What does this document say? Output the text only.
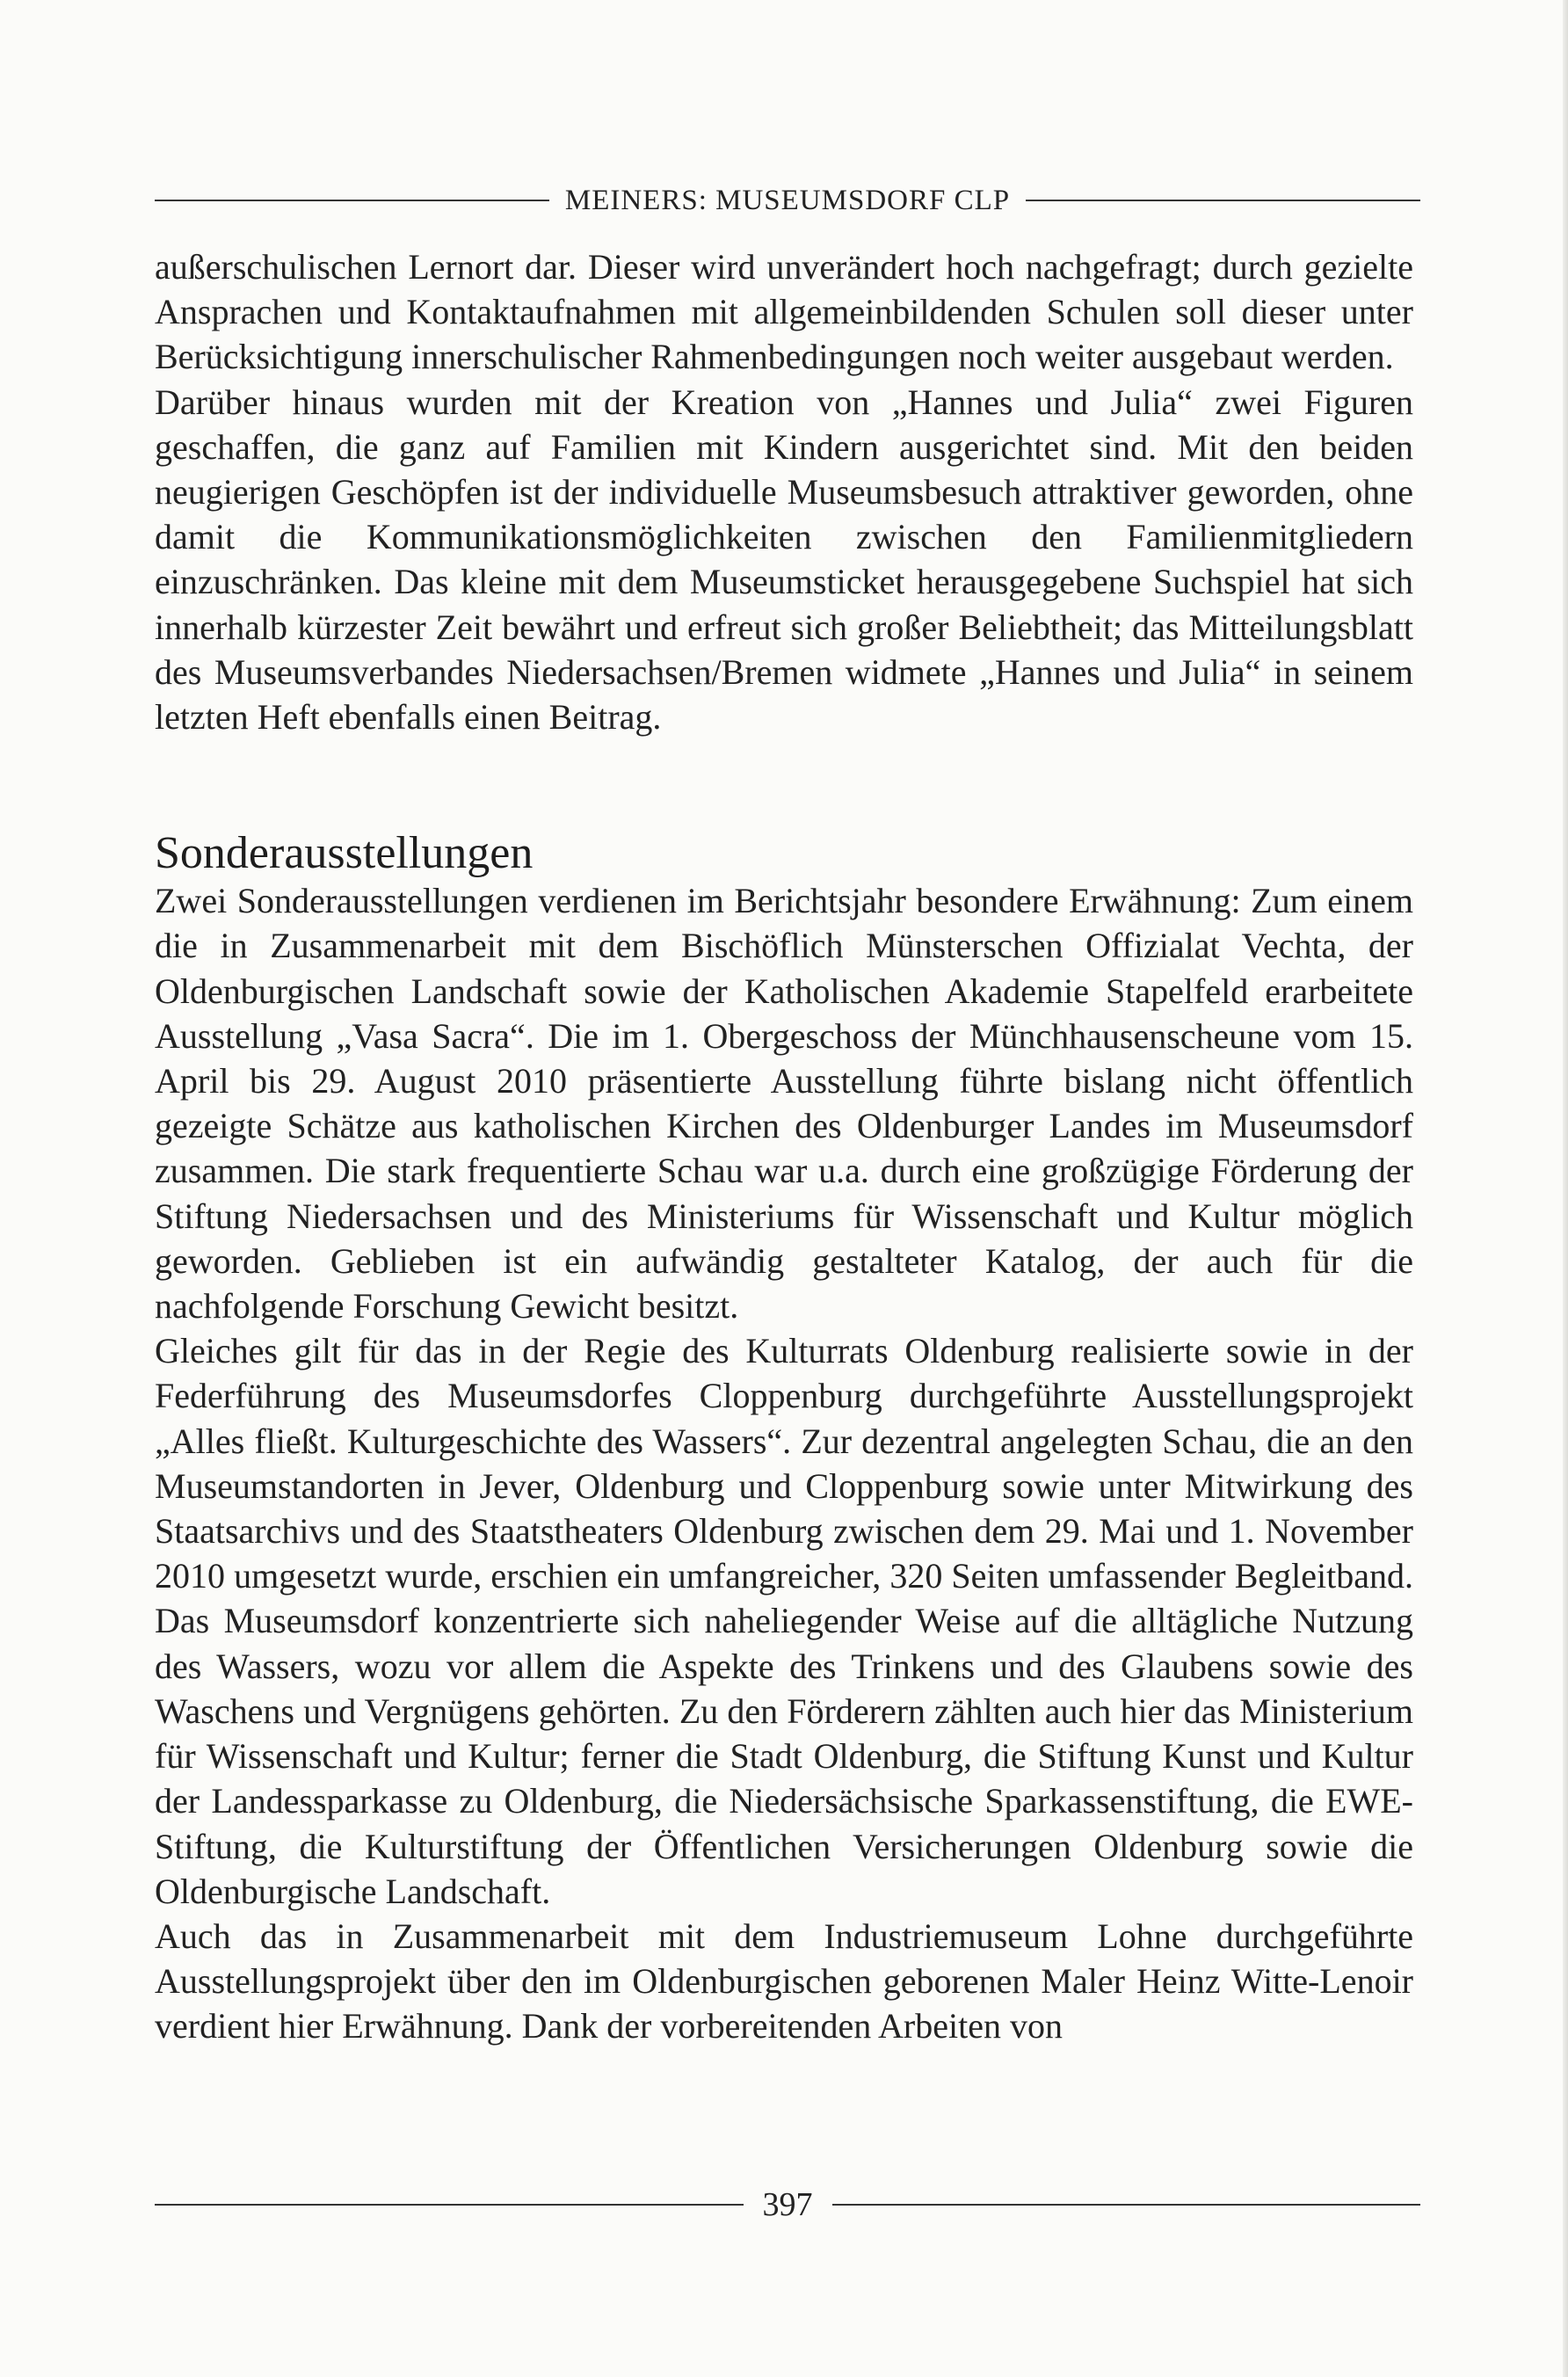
MEINERS: MUSEUMSDORF CLP

außerschulischen Lernort dar. Dieser wird unverändert hoch nachgefragt; durch gezielte Ansprachen und Kontaktaufnahmen mit allgemeinbildenden Schulen soll dieser unter Berücksichtigung innerschulischer Rahmenbedingungen noch weiter ausgebaut werden.

Darüber hinaus wurden mit der Kreation von „Hannes und Julia“ zwei Figuren geschaffen, die ganz auf Familien mit Kindern ausgerichtet sind. Mit den beiden neugierigen Geschöpfen ist der individuelle Museumsbesuch attraktiver geworden, ohne damit die Kommunikationsmöglichkeiten zwischen den Familienmitgliedern einzuschränken. Das kleine mit dem Museumsticket herausgegebene Suchspiel hat sich innerhalb kürzester Zeit bewährt und erfreut sich großer Beliebtheit; das Mitteilungsblatt des Museumsverbandes Niedersachsen/Bremen widmete „Hannes und Julia“ in seinem letzten Heft ebenfalls einen Beitrag.

Sonderausstellungen

Zwei Sonderausstellungen verdienen im Berichtsjahr besondere Erwähnung: Zum einem die in Zusammenarbeit mit dem Bischöflich Münsterschen Offizialat Vechta, der Oldenburgischen Landschaft sowie der Katholischen Akademie Stapelfeld erarbeitete Ausstellung „Vasa Sacra“. Die im 1. Obergeschoss der Münchhausenscheune vom 15. April bis 29. August 2010 präsentierte Ausstellung führte bislang nicht öffentlich gezeigte Schätze aus katholischen Kirchen des Oldenburger Landes im Museumsdorf zusammen. Die stark frequentierte Schau war u.a. durch eine großzügige Förderung der Stiftung Niedersachsen und des Ministeriums für Wissenschaft und Kultur möglich geworden. Geblieben ist ein aufwändig gestalteter Katalog, der auch für die nachfolgende Forschung Gewicht besitzt.

Gleiches gilt für das in der Regie des Kulturrats Oldenburg realisierte sowie in der Federführung des Museumsdorfes Cloppenburg durchgeführte Ausstellungsprojekt „Alles fließt. Kulturgeschichte des Wassers“. Zur dezentral angelegten Schau, die an den Museumstandorten in Jever, Oldenburg und Cloppenburg sowie unter Mitwirkung des Staatsarchivs und des Staatstheaters Oldenburg zwischen dem 29. Mai und 1. November 2010 umgesetzt wurde, erschien ein umfangreicher, 320 Seiten umfassender Begleitband. Das Museumsdorf konzentrierte sich naheliegender Weise auf die alltägliche Nutzung des Wassers, wozu vor allem die Aspekte des Trinkens und des Glaubens sowie des Waschens und Vergnügens gehörten. Zu den Förderern zählten auch hier das Ministerium für Wissenschaft und Kultur; ferner die Stadt Oldenburg, die Stiftung Kunst und Kultur der Landessparkasse zu Oldenburg, die Niedersächsische Sparkassenstiftung, die EWE-Stiftung, die Kulturstiftung der Öffentlichen Versicherungen Oldenburg sowie die Oldenburgische Landschaft.

Auch das in Zusammenarbeit mit dem Industriemuseum Lohne durchgeführte Ausstellungsprojekt über den im Oldenburgischen geborenen Maler Heinz Witte-Lenoir verdient hier Erwähnung. Dank der vorbereitenden Arbeiten von

397
